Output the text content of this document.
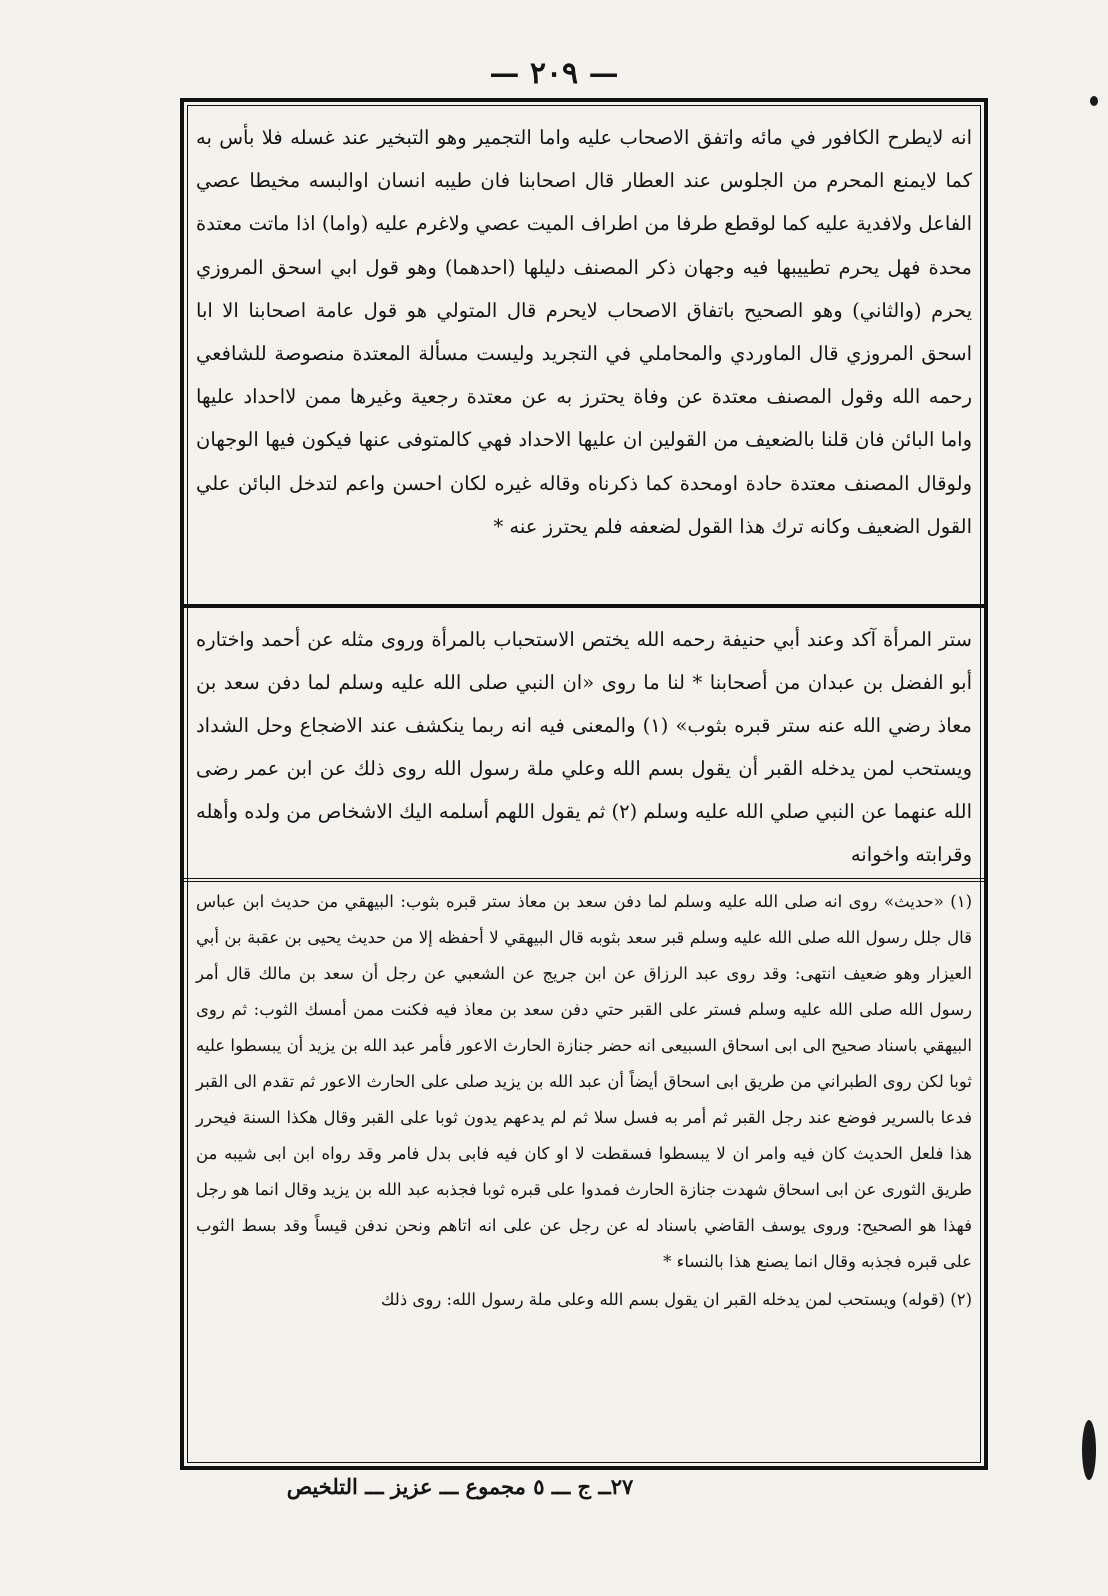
— ٢٠٩ —
انه لايطرح الكافور في مائه واتفق الاصحاب عليه واما التجمير وهو التبخير عند غسله فلا بأس به كما لايمنع المحرم من الجلوس عند العطار قال اصحابنا فان طيبه انسان اوالبسه مخيطا عصي الفاعل ولافدية عليه كما لوقطع طرفا من اطراف الميت عصي ولاغرم عليه (واما) اذا ماتت معتدة محدة فهل يحرم تطييبها فيه وجهان ذكر المصنف دليلها (احدهما) وهو قول ابي اسحق المروزي يحرم (والثاني) وهو الصحيح باتفاق الاصحاب لايحرم قال المتولي هو قول عامة اصحابنا الا ابا اسحق المروزي قال الماوردي والمحاملي في التجريد وليست مسألة المعتدة منصوصة للشافعي رحمه الله وقول المصنف معتدة عن وفاة يحترز به عن معتدة رجعية وغيرها ممن لااحداد عليها واما البائن فان قلنا بالضعيف من القولين ان عليها الاحداد فهي كالمتوفى عنها فيكون فيها الوجهان ولوقال المصنف معتدة حادة اومحدة كما ذكرناه وقاله غيره لكان احسن واعم لتدخل البائن علي القول الضعيف وكانه ترك هذا القول لضعفه فلم يحترز عنه *
ستر المرأة آكد وعند أبي حنيفة رحمه الله يختص الاستحباب بالمرأة وروى مثله عن أحمد واختاره أبو الفضل بن عبدان من أصحابنا * لنا ما روى «ان النبي صلى الله عليه وسلم لما دفن سعد بن معاذ رضي الله عنه ستر قبره بثوب» (١) والمعنى فيه انه ربما ينكشف عند الاضجاع وحل الشداد ويستحب لمن يدخله القبر أن يقول بسم الله وعلي ملة رسول الله روى ذلك عن ابن عمر رضى الله عنهما عن النبي صلي الله عليه وسلم (٢) ثم يقول اللهم أسلمه اليك الاشخاص من ولده وأهله وقرابته واخوانه

(١) «حديث» روى انه صلى الله عليه وسلم لما دفن سعد بن معاذ ستر قبره بثوب: البيهقي من حديث ابن عباس قال جلل رسول الله صلى الله عليه وسلم قبر سعد بثوبه قال البيهقي لا أحفظه إلا من حديث يحيى بن عقبة بن أبي العيزار وهو ضعيف انتهى: وقد روى عبد الرزاق عن ابن جريج عن الشعبي عن رجل أن سعد بن مالك قال أمر رسول الله صلى الله عليه وسلم فستر على القبر حتي دفن سعد بن معاذ فيه فكنت ممن أمسك الثوب: ثم روى البيهقي باسناد صحيح الى ابى اسحاق السبيعى انه حضر جنازة الحارث الاعور فأمر عبد الله بن يزيد أن يبسطوا عليه ثوبا لكن روى الطبراني من طريق ابى اسحاق أيضاً أن عبد الله بن يزيد صلى على الحارث الاعور ثم تقدم الى القبر فدعا بالسرير فوضع عند رجل القبر ثم أمر به فسل سلا ثم لم يدعهم يدون ثوبا على القبر وقال هكذا السنة فيحرر هذا فلعل الحديث كان فيه وامر ان لا يبسطوا فسقطت لا او كان فيه فابى بدل فامر وقد رواه ابن ابى شيبه من طريق الثورى عن ابى اسحاق شهدت جنازة الحارث فمدوا على قبره ثوبا فجذبه عبد الله بن يزيد وقال انما هو رجل فهذا هو الصحيح: وروى يوسف القاضي باسناد له عن رجل عن على انه اتاهم ونحن ندفن قيساً وقد بسط الثوب على قبره فجذبه وقال انما يصنع هذا بالنساء *

(٢) (قوله) ويستحب لمن يدخله القبر ان يقول بسم الله وعلى ملة رسول الله: روى ذلك

٢٧ــ ج ـــ ٥ مجموع ـــ عزيز ـــ التلخيص
